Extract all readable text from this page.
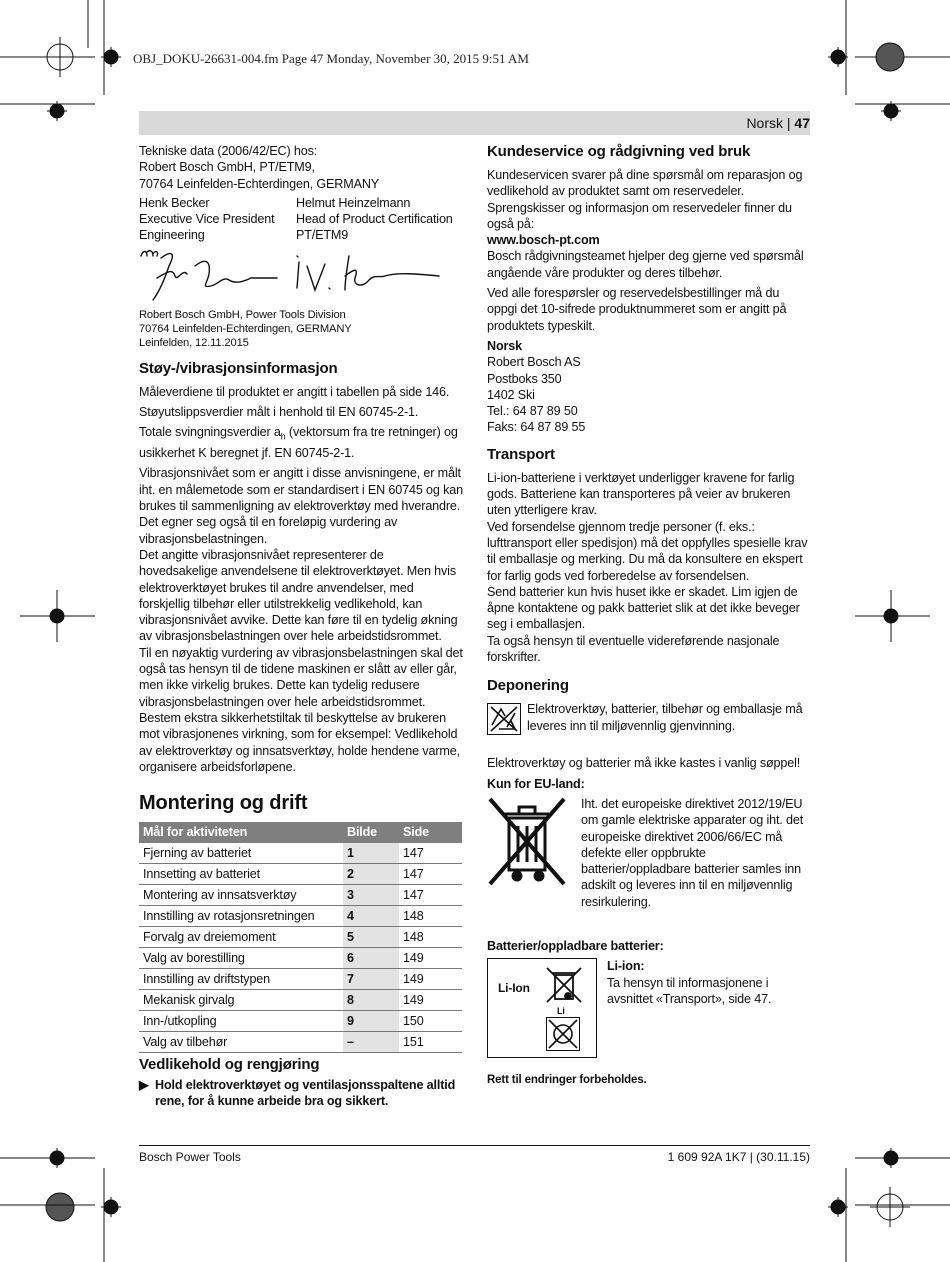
OBJ_DOKU-26631-004.fm Page 47 Monday, November 30, 2015 9:51 AM
Norsk | 47
Tekniske data (2006/42/EC) hos:
Robert Bosch GmbH, PT/ETM9,
70764 Leinfelden-Echterdingen, GERMANY
Henk Becker
Executive Vice President
Engineering
Helmut Heinzelmann
Head of Product Certification
PT/ETM9
Robert Bosch GmbH, Power Tools Division
70764 Leinfelden-Echterdingen, GERMANY
Leinfelden, 12.11.2015
Støy-/vibrasjonsinformasjon

Måleverdiene til produktet er angitt i tabellen på side 146.

Støyutslippsverdier målt i henhold til EN 60745-2-1.

Totale svingningsverdier $a_h$ (vektorsum fra tre retninger) og usikkerhet K beregnet jf. EN 60745-2-1.

Vibrasjonsnivået som er angitt i disse anvisningene, er målt iht. en målemetode som er standardisert i EN 60745 og kan brukes til sammenligning av elektroverktøy med hverandre. Det egner seg også til en foreløpig vurdering av vibrasjonsbelastningen.

Det angitte vibrasjonsnivået representerer de hovedsakelige anvendelsene til elektroverktøyet. Men hvis elektroverktøyet brukes til andre anvendelser, med forskjellig tilbehør eller utilstrekkelig vedlikehold, kan vibrasjonsnivået avvike. Dette kan føre til en tydelig økning av vibrasjonsbelastningen over hele arbeidstidsrommet.

Til en nøyaktig vurdering av vibrasjonsbelastningen skal det også tas hensyn til de tidene maskinen er slått av eller går, men ikke virkelig brukes. Dette kan tydelig redusere vibrasjonsbelastningen over hele arbeidstidsrommet.

Bestem ekstra sikkerhetstiltak til beskyttelse av brukeren mot vibrasjonenes virkning, som for eksempel: Vedlikehold av elektroverktøy og innsatsverktøy, holde hendene varme, organisere arbeidsforløpene.

Montering og drift
Mål for aktiviteten	Bilde	Side
Fjerning av batteriet	1	147
Innsetting av batteriet	2	147
Montering av innsatsverktøy	3	147
Innstilling av rotasjonsretningen	4	148
Forvalg av dreiemoment	5	148
Valg av borestilling	6	149
Innstilling av driftstypen	7	149
Mekanisk girvalg	8	149
Inn-/utkopling	9	150
Valg av tilbehør	–	151
Vedlikehold og rengjøring
▶ Hold elektroverktøyet og ventilasjonsspaltene alltid rene, for å kunne arbeide bra og sikkert.
Kundeservice og rådgivning ved bruk

Kundeservicen svarer på dine spørsmål om reparasjon og vedlikehold av produktet samt om reservedeler. Sprengskisser og informasjon om reservedeler finner du også på:

www.bosch-pt.com

Bosch rådgivningsteamet hjelper deg gjerne ved spørsmål angående våre produkter og deres tilbehør.

Ved alle forespørsler og reservedelsbestillinger må du oppgi det 10-sifrede produktnummeret som er angitt på produktets typeskilt.

Norsk
Robert Bosch AS
Postboks 350
1402 Ski
Tel.: 64 87 89 50
Faks: 64 87 89 55
Transport

Li-ion-batteriene i verktøyet underligger kravene for farlig gods. Batteriene kan transporteres på veier av brukeren uten ytterligere krav.

Ved forsendelse gjennom tredje personer (f. eks.: lufttransport eller spedisjon) må det oppfylles spesielle krav til emballasje og merking. Du må da konsultere en ekspert for farlig gods ved forberedelse av forsendelsen.

Send batterier kun hvis huset ikke er skadet. Lim igjen de åpne kontaktene og pakk batteriet slik at det ikke beveger seg i emballasjen.

Ta også hensyn til eventuelle videreførende nasjonale forskrifter.

Deponering
Elektroverktøy, batterier, tilbehør og emballasje må leveres inn til miljøvennlig gjenvinning.

Elektroverktøy og batterier må ikke kastes i vanlig søppel!

Kun for EU-land:
Iht. det europeiske direktivet 2012/19/EU om gamle elektriske apparater og iht. det europeiske direktivet 2006/66/EC må defekte eller oppbrukte batterier/oppladbare batterier samles inn adskilt og leveres inn til en miljøvennlig resirkulering.
Batterier/oppladbare batterier:
Li-Ion
Li
Li-ion:
Ta hensyn til informasjonene i avsnittet «Transport», side 47.
Rett til endringer forbeholdes.
Bosch Power Tools	1 609 92A 1K7 | (30.11.15)
